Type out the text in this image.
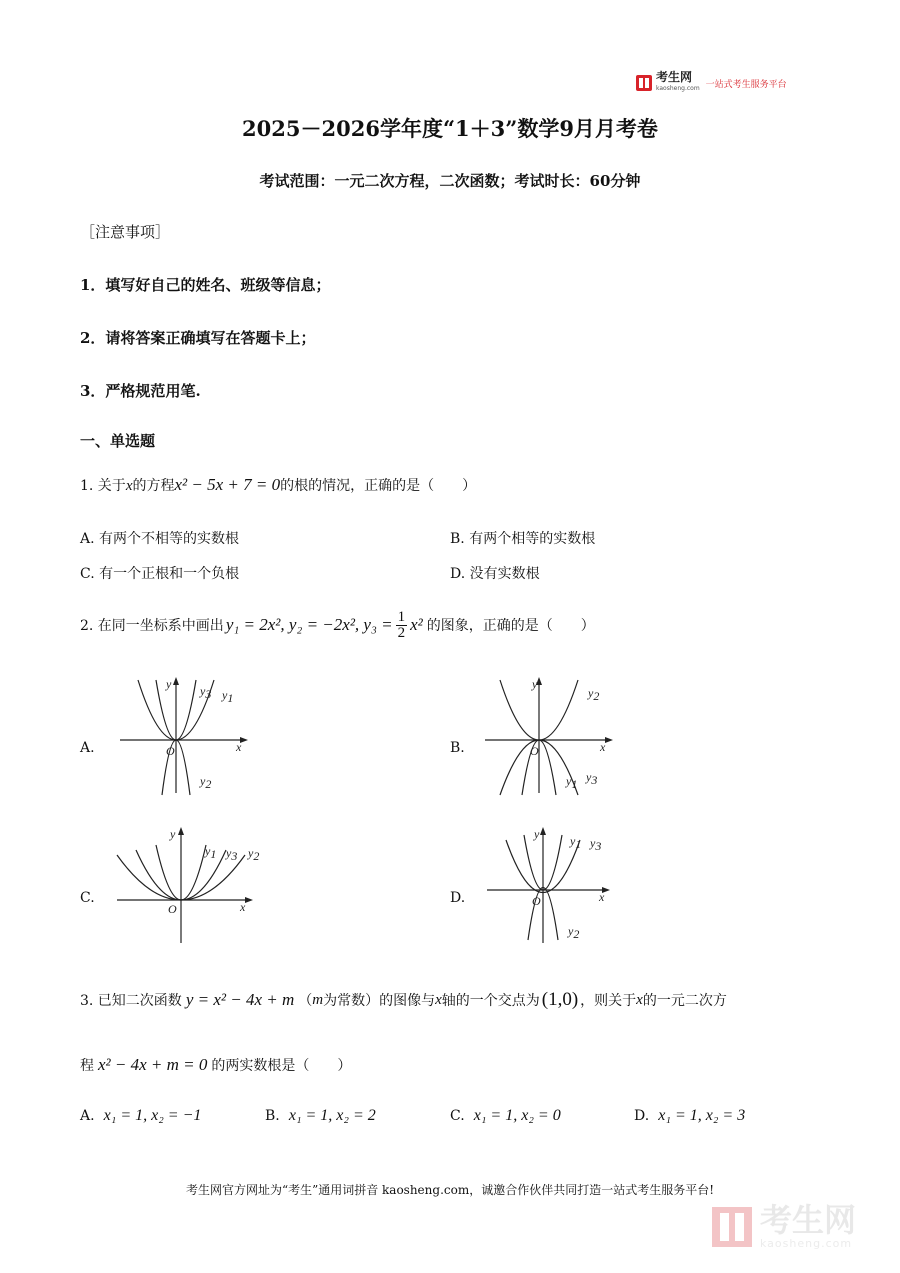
考生网
kaosheng.com 一站式考生服务平台
2025－2026学年度“1＋3”数学9月月考卷
考试范围：一元二次方程，二次函数；考试时长：60分钟
［注意事项］
1．填写好自己的姓名、班级等信息；
2．请将答案正确填写在答题卡上；
3．严格规范用笔.
一、单选题
1. 关于x的方程x² − 5x + 7 = 0的根的情况，正确的是（　　）
A. 有两个不相等的实数根	B. 有两个相等的实数根
C. 有一个正根和一个负根	D. 没有实数根
2. 在同一坐标系中画出 y₁ = 2x², y₂ = −2x², $y_3 = \frac{1}{2} x^2$ 的图象，正确的是（　　）
A.	B.
C.	D.
y
x
O
y3 y1
y2
y
x
O
y2
y1 y3
y
x
O
y1 y3 y2
y
x
O
y1 y3
y2
3. 已知二次函数 y = x² − 4x + m （ m 为常数）的图像与 x 轴的一个交点为 (1,0) ，则关于 x 的一元二次方
程 x² − 4x + m = 0 的两实数根是（　　）
A. x₁ = 1, x₂ = −1	B. x₁ = 1, x₂ = 2	C. x₁ = 1, x₂ = 0	D. x₁ = 1, x₂ = 3
考生网官方网址为“考生”通用词拼音 kaosheng.com，诚邀合作伙伴共同打造一站式考生服务平台!
考生网
kaosheng.com
